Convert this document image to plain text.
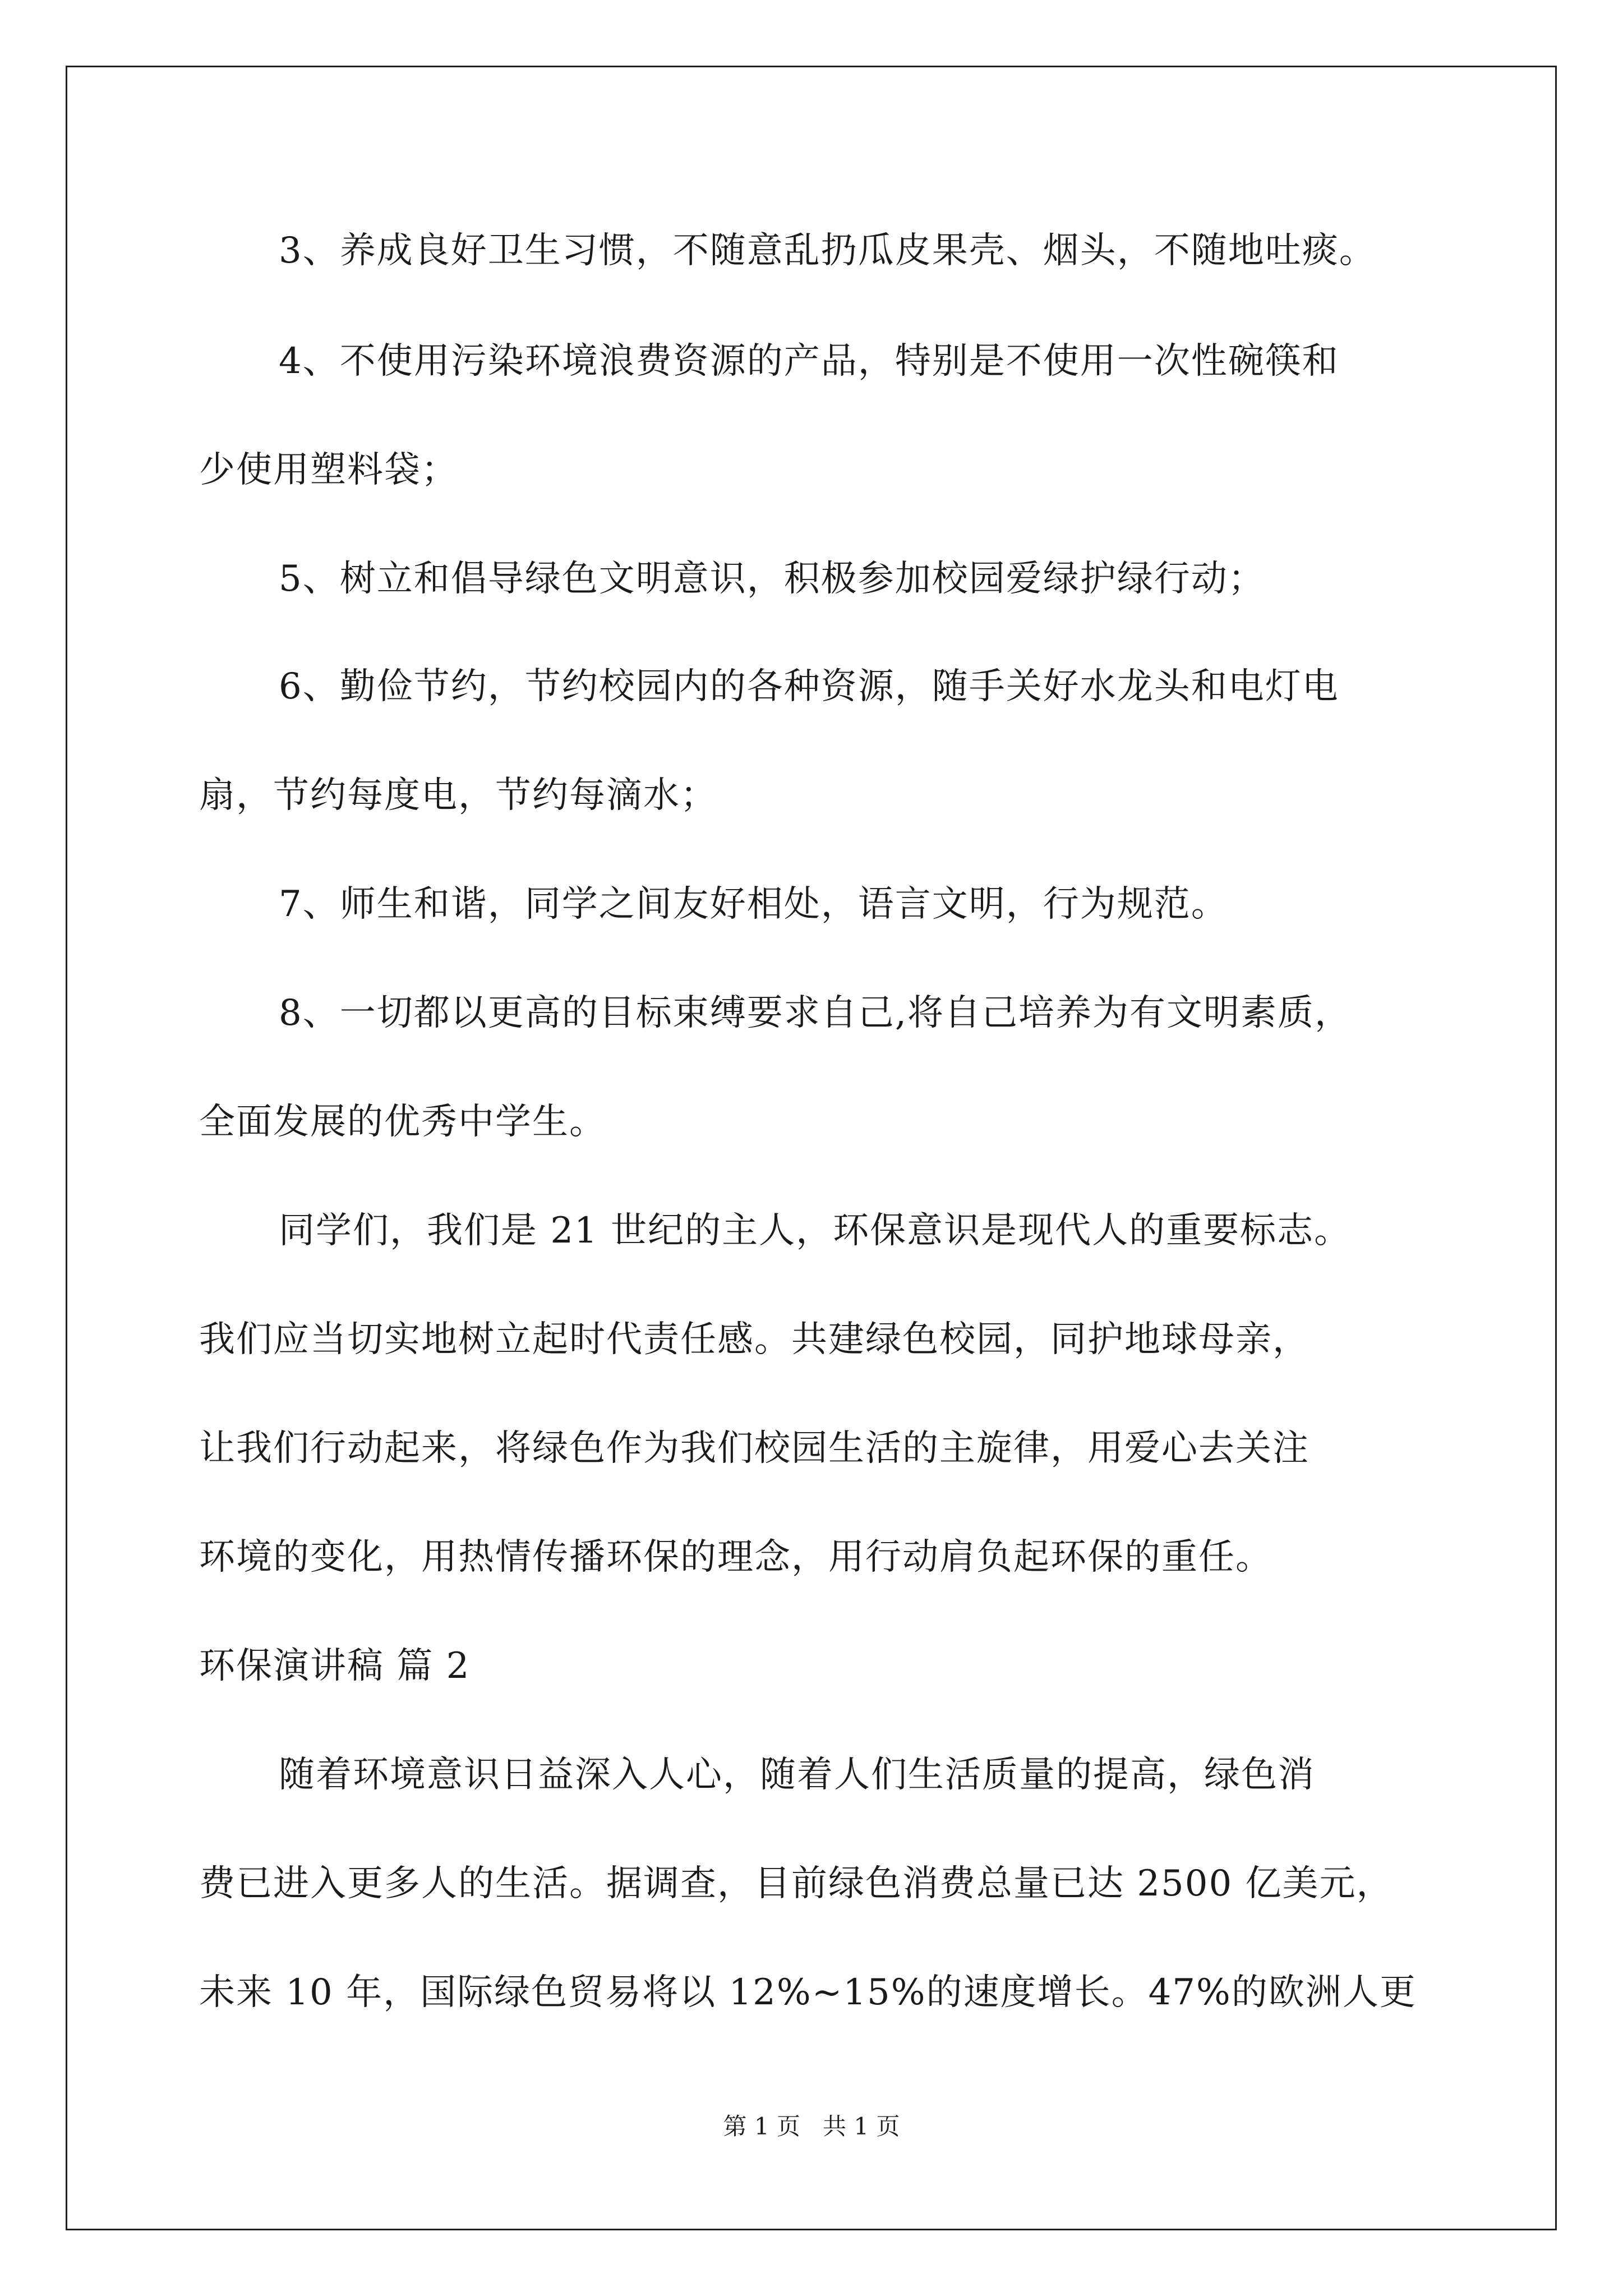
3、养成良好卫生习惯，不随意乱扔瓜皮果壳、烟头，不随地吐痰。
4、不使用污染环境浪费资源的产品，特别是不使用一次性碗筷和
少使用塑料袋；
5、树立和倡导绿色文明意识，积极参加校园爱绿护绿行动；
6、勤俭节约，节约校园内的各种资源，随手关好水龙头和电灯电
扇，节约每度电，节约每滴水；
7、师生和谐，同学之间友好相处，语言文明，行为规范。
8、一切都以更高的目标束缚要求自己,将自己培养为有文明素质，
全面发展的优秀中学生。
同学们，我们是 21 世纪的主人，环保意识是现代人的重要标志。
我们应当切实地树立起时代责任感。共建绿色校园，同护地球母亲，
让我们行动起来，将绿色作为我们校园生活的主旋律，用爱心去关注
环境的变化，用热情传播环保的理念，用行动肩负起环保的重任。
环保演讲稿 篇 2
随着环境意识日益深入人心，随着人们生活质量的提高，绿色消
费已进入更多人的生活。据调查，目前绿色消费总量已达 2500 亿美元，
未来 10 年，国际绿色贸易将以 12%~15%的速度增长。47%的欧洲人更
第 1 页   共 1 页
